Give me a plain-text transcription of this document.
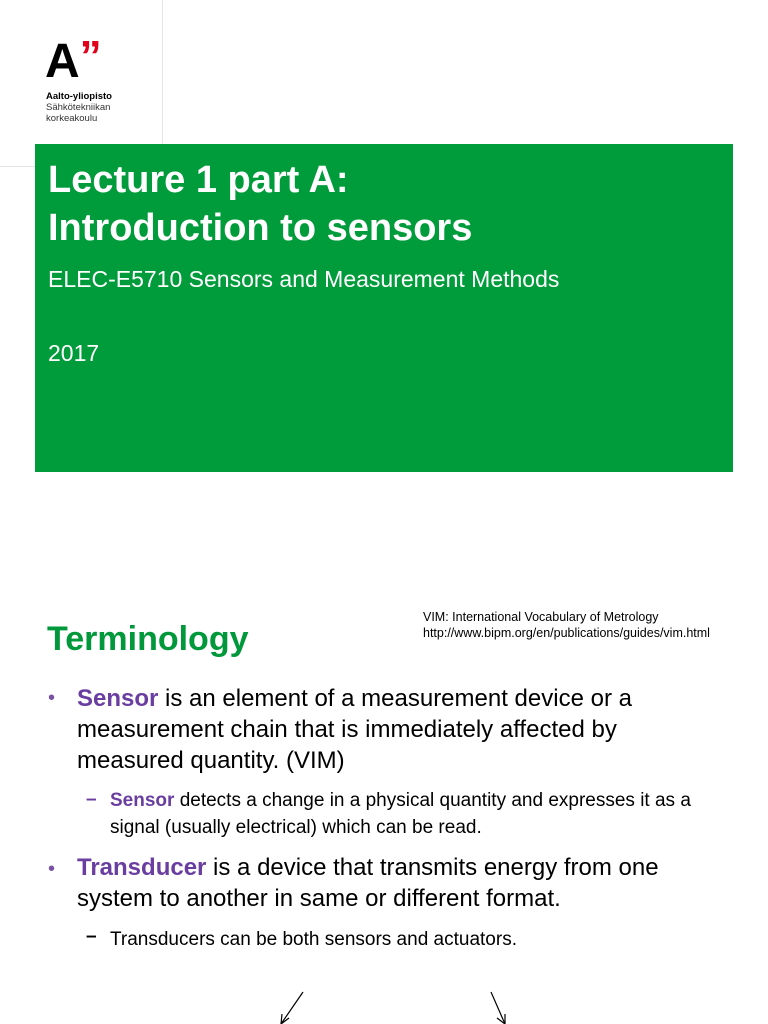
A”
Aalto-yliopisto
Sähkötekniikan
korkeakoulu
Lecture 1 part A:
Introduction to sensors
ELEC-E5710 Sensors and Measurement Methods
2017
VIM: International Vocabulary of Metrology
http://www.bipm.org/en/publications/guides/vim.html
Terminology
• Sensor is an element of a measurement device or a measurement chain that is immediately affected by measured quantity. (VIM)
– Sensor detects a change in a physical quantity and expresses it as a signal (usually electrical) which can be read.
• Transducer is a device that transmits energy from one system to another in same or different format.
– Transducers can be both sensors and actuators.
